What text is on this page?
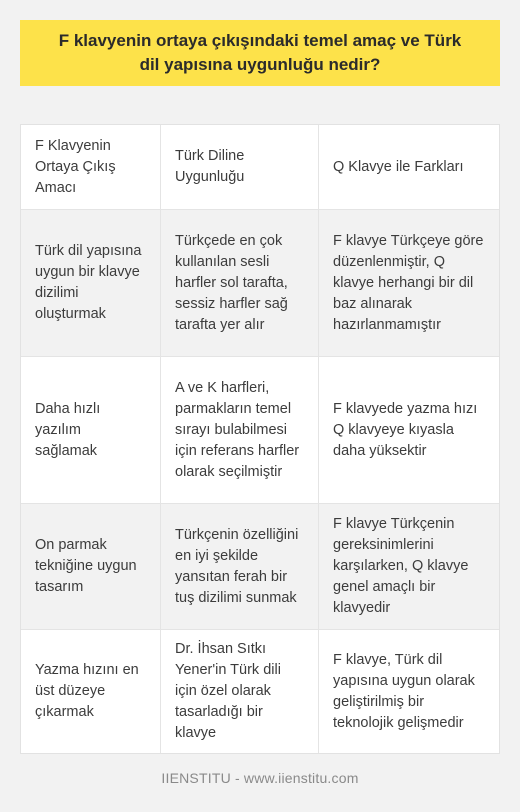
F klavyenin ortaya çıkışındaki temel amaç ve Türk dil yapısına uygunluğu nedir?
F Klavyenin Ortaya Çıkış Amacı
Türk Diline Uygunluğu
Q Klavye ile Farkları
Türk dil yapısına uygun bir klavye dizilimi oluşturmak
Türkçede en çok kullanılan sesli harfler sol tarafta, sessiz harfler sağ tarafta yer alır
F klavye Türkçeye göre düzenlenmiştir, Q klavye herhangi bir dil baz alınarak hazırlanmamıştır
Daha hızlı yazılım sağlamak
A ve K harfleri, parmakların temel sırayı bulabilmesi için referans harfler olarak seçilmiştir
F klavyede yazma hızı Q klavyeye kıyasla daha yüksektir
On parmak tekniğine uygun tasarım
Türkçenin özelliğini en iyi şekilde yansıtan ferah bir tuş dizilimi sunmak
F klavye Türkçenin gereksinimlerini karşılarken, Q klavye genel amaçlı bir klavyedir
Yazma hızını en üst düzeye çıkarmak
Dr. İhsan Sıtkı Yener'in Türk dili için özel olarak tasarladığı bir klavye
F klavye, Türk dil yapısına uygun olarak geliştirilmiş bir teknolojik gelişmedir
IIENSTITU - www.iienstitu.com
